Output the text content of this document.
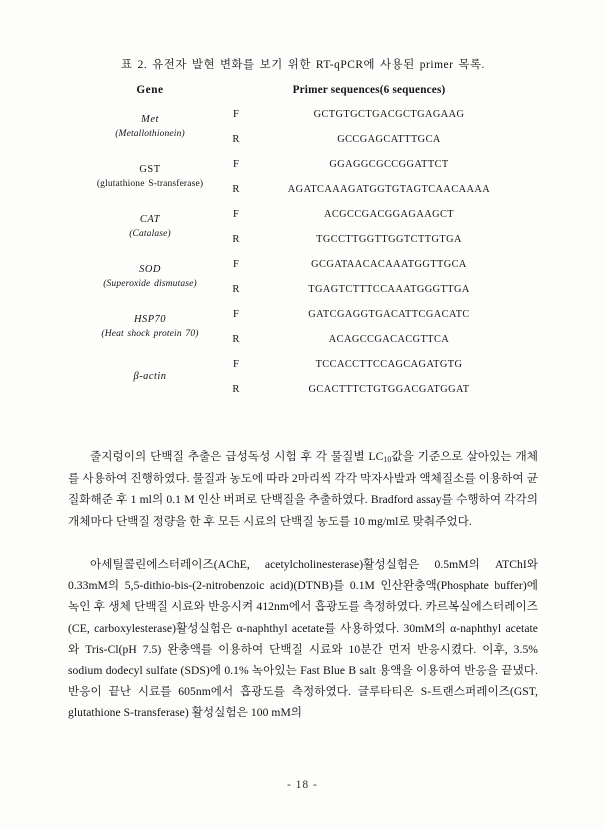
표 2. 유전자 발현 변화를 보기 위한 RT-qPCR에 사용된 primer 목록.
Gene	Primer sequences(6 sequences)	

Met
(Metallothionein)	F	GCTGTGCTGACGCTGAGAAG
	R	GCCGAGCATTTGCA

GST
(glutathione S-transferase)	F	GGAGGCGCCGGATTCT
	R	AGATCAAAGATGGTGTAGTCAACAAAA

CAT
(Catalase)	F	ACGCCGACGGAGAAGCT
	R	TGCCTTGGTTGGTCTTGTGA

SOD
(Superoxide dismutase)	F	GCGATAACACAAATGGTTGCA
	R	TGAGTCTTTCCAAATGGGTTGA

HSP70
(Heat shock protein 70)	F	GATCGAGGTGACATTCGACATC
	R	ACAGCCGACACGTTCA

β-actin	F	TCCACCTTCCAGCAGATGTG
	R	GCACTTTCTGTGGACGATGGAT

줄지렁이의 단백질 추출은 급성독성 시험 후 각 물질별 $LC_{10}$값을 기준으로 살아있는 개체를 사용하여 진행하였다. 물질과 농도에 따라 2마리씩 각각 막자사발과 액체질소를 이용하여 균질화해준 후 1 ml의 0.1 M 인산 버퍼로 단백질을 추출하였다. Bradford assay를 수행하여 각각의 개체마다 단백질 정량을 한 후 모든 시료의 단백질 농도를 10 mg/ml로 맞춰주었다.

아세틸콜린에스터레이즈(AChE, acetylcholinesterase)활성실험은 0.5mM의 ATChI와 0.33mM의 5,5-dithio-bis-(2-nitrobenzoic acid)(DTNB)를 0.1M 인산완충액(Phosphate buffer)에 녹인 후 생체 단백질 시료와 반응시켜 412nm에서 흡광도를 측정하였다. 카르복실에스터레이즈(CE, carboxylesterase)활성실험은 α-naphthyl acetate를 사용하였다. 30mM의 α-naphthyl acetate와 Tris-Cl(pH 7.5) 완충액를 이용하여 단백질 시료와 10분간 먼저 반응시켰다. 이후, 3.5% sodium dodecyl sulfate (SDS)에 0.1% 녹아있는 Fast Blue B salt 용액을 이용하여 반응을 끝냈다. 반응이 끝난 시료를 605nm에서 흡광도를 측정하였다. 글루타티온 S-트랜스퍼레이즈(GST, glutathione S-transferase) 활성실험은 100 mM의

- 18 -
